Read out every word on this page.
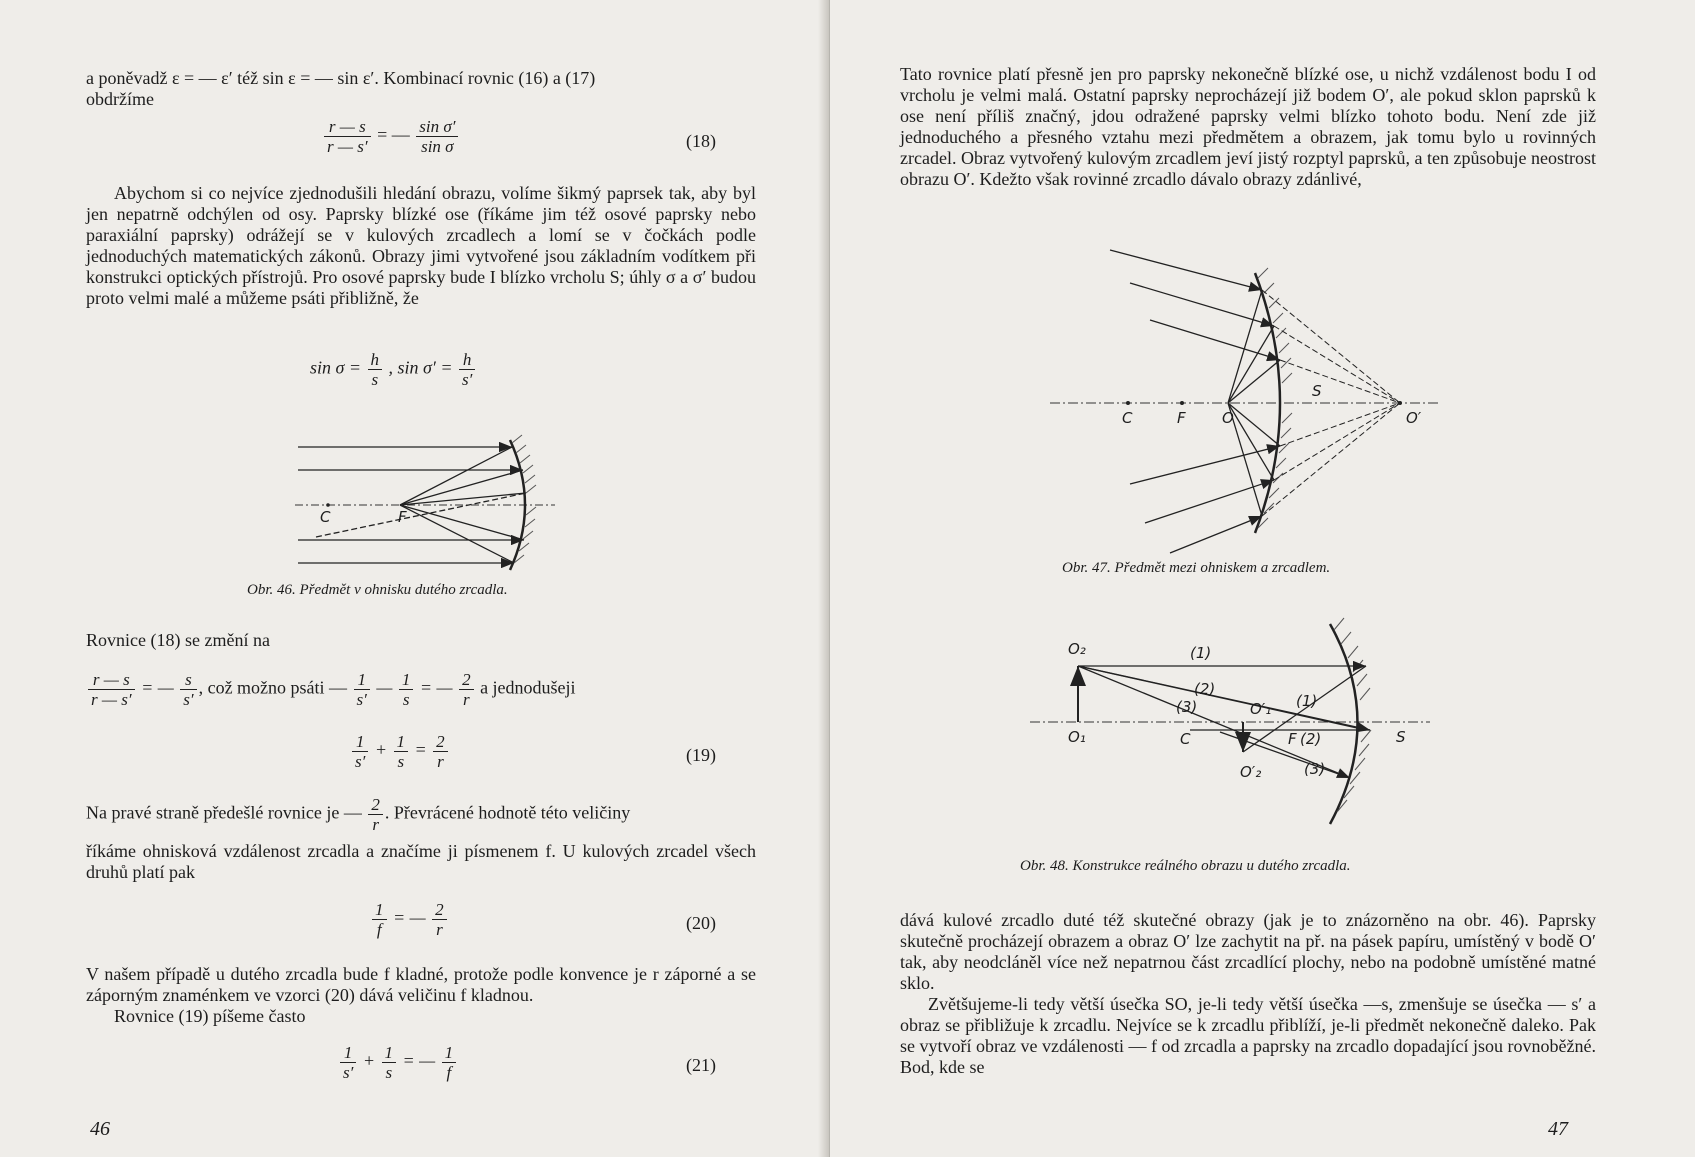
a poněvadž ε = — ε′ též sin ε = — sin ε′. Kombinací rovnic (16) a (17)

obdržíme

$\frac{r — s}{r — s'}$ = — $\frac{\text{sin σ′}}{\text{sin σ}}$	(18)

Abychom si co nejvíce zjednodušili hledání obrazu, volíme šikmý paprsek tak, aby byl jen nepatrně odchýlen od osy. Paprsky blízké ose (říkáme jim též osové paprsky nebo paraxiální paprsky) odrážejí se v kulových zrcadlech a lomí se v čočkách podle jednoduchých matematických zákonů. Obrazy jimi vytvořené jsou základním vodítkem při konstrukci optických přístrojů. Pro osové paprsky bude I blízko vrcholu S; úhly σ a σ′ budou proto velmi malé a můžeme psáti přibližně, že

$\sin \sigma = \frac{h}{s}$ , $\sin \sigma' = \frac{h}{s'}$
C	F
Obr. 46. Předmět v ohnisku dutého zrcadla.

Rovnice (18) se změní na

$\frac{r — s}{r — s'}$ = — $\frac{s}{s'}$ , což možno psáti — $\frac{1}{s'}$ — $\frac{1}{s}$ = — $\frac{2}{r}$ a jednodušeji
$\frac{1}{s'} + \frac{1}{s} = \frac{2}{r}$	(19)
Na pravé straně předešlé rovnice je — $\frac{2}{r}$ . Převrácené hodnotě této veličiny

říkáme ohnisková vzdálenost zrcadla a značíme ji písmenem f. U kulových zrcadel všech druhů platí pak

$\frac{1}{f}$ = — $\frac{2}{r}$	(20)

V našem případě u dutého zrcadla bude f kladné, protože podle konvence je r záporné a se záporným znaménkem ve vzorci (20) dává veličinu f kladnou.

Rovnice (19) píšeme často

$\frac{1}{s'} + \frac{1}{s}$ = — $\frac{1}{f}$	(21)
46

Tato rovnice platí přesně jen pro paprsky nekonečně blízké ose, u nichž vzdálenost bodu I od vrcholu je velmi malá. Ostatní paprsky neprocházejí již bodem O′, ale pokud sklon paprsků k ose není příliš značný, jdou odražené paprsky velmi blízko tohoto bodu. Není zde již jednoduchého a přesného vztahu mezi předmětem a obrazem, jak tomu bylo u rovinných zrcadel. Obraz vytvořený kulovým zrcadlem jeví jistý rozptyl paprsků, a ten způsobuje neostrost obrazu O′. Kdežto však rovinné zrcadlo dávalo obrazy zdánlivé,

C	F O
S
O′
Obr. 47. Předmět mezi ohniskem a zrcadlem.
O₂
O₁	C	F	S
O′₁
O′₂
(1)
(2)
(3)	(1)
(2)
(3)
Obr. 48. Konstrukce reálného obrazu u dutého zrcadla.

dává kulové zrcadlo duté též skutečné obrazy (jak je to znázorněno na obr. 46). Paprsky skutečně procházejí obrazem a obraz O′ lze zachytit na př. na pásek papíru, umístěný v bodě O′ tak, aby neodcláněl více než nepatrnou část zrcadlící plochy, nebo na podobně umístěné matné sklo.

Zvětšujeme-li tedy větší úsečka SO, je-li tedy větší úsečka —s, zmenšuje se úsečka — s′ a obraz se přibližuje k zrcadlu. Nejvíce se k zrcadlu přiblíží, je-li předmět nekonečně daleko. Pak se vytvoří obraz ve vzdálenosti — f od zrcadla a paprsky na zrcadlo dopadající jsou rovnoběžné. Bod, kde se

47
